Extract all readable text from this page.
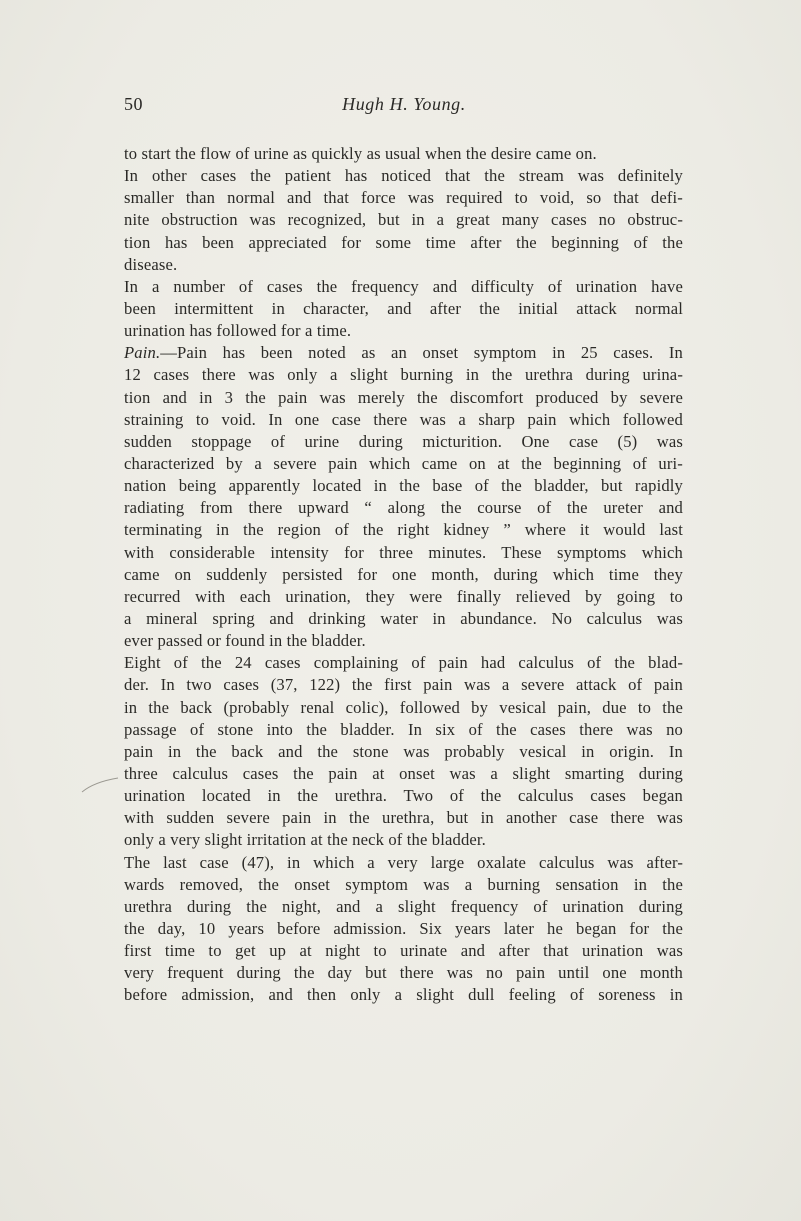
50	Hugh H. Young.
to start the flow of urine as quickly as usual when the desire came on.
In other cases the patient has noticed that the stream was definitely
smaller than normal and that force was required to void, so that defi-
nite obstruction was recognized, but in a great many cases no obstruc-
tion has been appreciated for some time after the beginning of the
disease.
In a number of cases the frequency and difficulty of urination have
been intermittent in character, and after the initial attack normal
urination has followed for a time.
Pain.—Pain has been noted as an onset symptom in 25 cases. In
12 cases there was only a slight burning in the urethra during urina-
tion and in 3 the pain was merely the discomfort produced by severe
straining to void. In one case there was a sharp pain which followed
sudden stoppage of urine during micturition. One case (5) was
characterized by a severe pain which came on at the beginning of uri-
nation being apparently located in the base of the bladder, but rapidly
radiating from there upward “ along the course of the ureter and
terminating in the region of the right kidney ” where it would last
with considerable intensity for three minutes. These symptoms which
came on suddenly persisted for one month, during which time they
recurred with each urination, they were finally relieved by going to
a mineral spring and drinking water in abundance. No calculus was
ever passed or found in the bladder.
Eight of the 24 cases complaining of pain had calculus of the blad-
der. In two cases (37, 122) the first pain was a severe attack of pain
in the back (probably renal colic), followed by vesical pain, due to the
passage of stone into the bladder. In six of the cases there was no
pain in the back and the stone was probably vesical in origin. In
three calculus cases the pain at onset was a slight smarting during
urination located in the urethra. Two of the calculus cases began
with sudden severe pain in the urethra, but in another case there was
only a very slight irritation at the neck of the bladder.
The last case (47), in which a very large oxalate calculus was after-
wards removed, the onset symptom was a burning sensation in the
urethra during the night, and a slight frequency of urination during
the day, 10 years before admission. Six years later he began for the
first time to get up at night to urinate and after that urination was
very frequent during the day but there was no pain until one month
before admission, and then only a slight dull feeling of soreness in
